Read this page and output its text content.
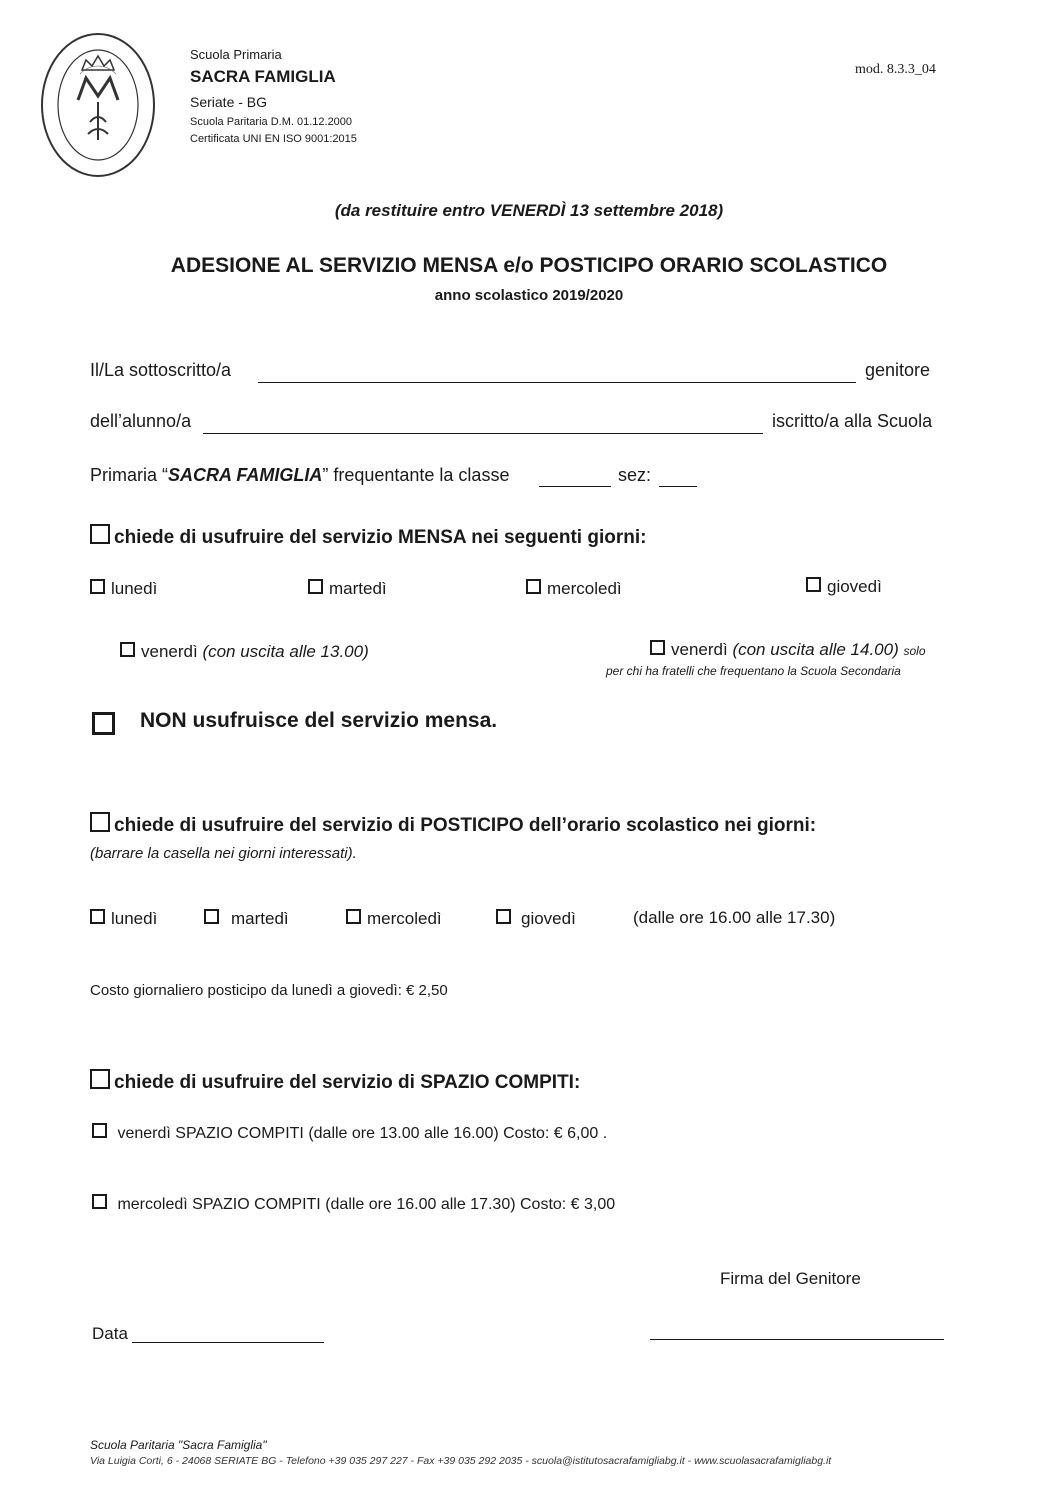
Scuola Primaria
SACRA FAMIGLIA
Seriate - BG
Scuola Paritaria D.M. 01.12.2000
Certificata UNI EN ISO 9001:2015
mod. 8.3.3_04
(da restituire entro VENERDÌ 13 settembre 2018)
ADESIONE AL SERVIZIO MENSA e/o POSTICIPO ORARIO SCOLASTICO
anno scolastico 2019/2020
Il/La sottoscritto/a	genitore
dell’alunno/a	iscritto/a alla Scuola
Primaria “SACRA FAMIGLIA” frequentante la classe	sez:
chiede di usufruire del servizio MENSA nei seguenti giorni:
lunedì	martedì	mercoledì	giovedì
venerdì (con uscita alle 13.00)	venerdì (con uscita alle 14.00) solo
per chi ha fratelli che frequentano la Scuola Secondaria
NON usufruisce del servizio mensa.
chiede di usufruire del servizio di POSTICIPO dell’orario scolastico nei giorni:
(barrare la casella nei giorni interessati).
lunedì	martedì	mercoledì	giovedì	(dalle ore 16.00 alle 17.30)
Costo giornaliero posticipo da lunedì a giovedì: € 2,50
chiede di usufruire del servizio di SPAZIO COMPITI:
venerdì SPAZIO COMPITI (dalle ore 13.00 alle 16.00) Costo: € 6,00 .
mercoledì SPAZIO COMPITI (dalle ore 16.00 alle 17.30) Costo: € 3,00
Firma del Genitore
Data
Scuola Paritaria "Sacra Famiglia"
Via Luigia Corti, 6 - 24068 SERIATE BG - Telefono +39 035 297 227 - Fax +39 035 292 2035 - scuola@istitutosacrafamigliabg.it - www.scuolasacrafamigliabg.it
